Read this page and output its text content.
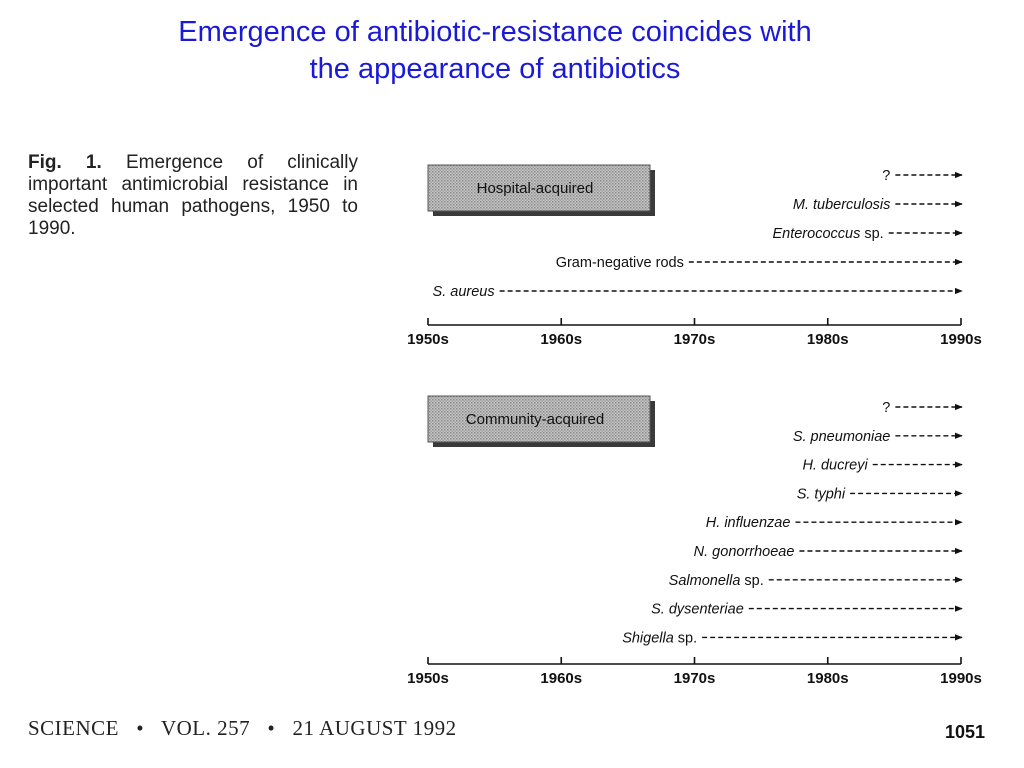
Emergence of antibiotic-resistance coincides with
the appearance of antibiotics
Fig. 1. Emergence of clinically important antimicrobial resistance in selected human pathogens, 1950 to 1990.
Hospital-acquired
?
M. tuberculosis
Enterococcus sp.
Gram-negative rods
S. aureus
1950s	1960s	1970s	1980s	1990s
Community-acquired
?
S. pneumoniae
H. ducreyi
S. typhi
H. influenzae
N. gonorrhoeae
Salmonella sp.
S. dysenteriae
Shigella sp.
1950s	1960s	1970s	1980s	1990s
SCIENCE   •   VOL. 257   •   21 AUGUST 1992	1051
